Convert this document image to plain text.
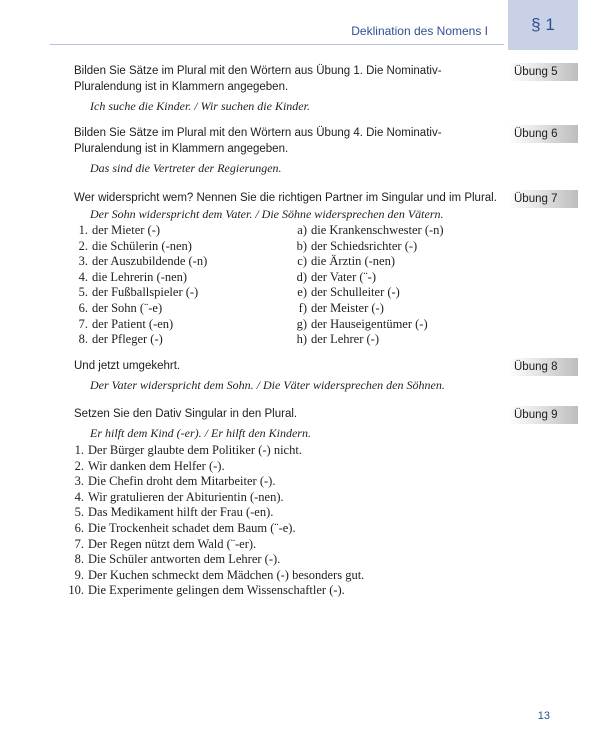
Deklination des Nomens I	§ 1
Übung 5
Bilden Sie Sätze im Plural mit den Wörtern aus Übung 1. Die Nominativ-Pluralendung ist in Klammern angegeben.
Ich suche die Kinder. / Wir suchen die Kinder.
Übung 6
Bilden Sie Sätze im Plural mit den Wörtern aus Übung 4. Die Nominativ-Pluralendung ist in Klammern angegeben.
Das sind die Vertreter der Regierungen.
Übung 7
Wer widerspricht wem? Nennen Sie die richtigen Partner im Singular und im Plural.
Der Sohn widerspricht dem Vater. / Die Söhne widersprechen den Vätern.
1. der Mieter (-)
2. die Schülerin (-nen)
3. der Auszubildende (-n)
4. die Lehrerin (-nen)
5. der Fußballspieler (-)
6. der Sohn (¨-e)
7. der Patient (-en)
8. der Pfleger (-)
a) die Krankenschwester (-n)
b) der Schiedsrichter (-)
c) die Ärztin (-nen)
d) der Vater (¨-)
e) der Schulleiter (-)
f) der Meister (-)
g) der Hauseigentümer (-)
h) der Lehrer (-)
Übung 8
Und jetzt umgekehrt.
Der Vater widerspricht dem Sohn. / Die Väter widersprechen den Söhnen.
Übung 9
Setzen Sie den Dativ Singular in den Plural.
Er hilft dem Kind (-er). / Er hilft den Kindern.
1. Der Bürger glaubte dem Politiker (-) nicht.
2. Wir danken dem Helfer (-).
3. Die Chefin droht dem Mitarbeiter (-).
4. Wir gratulieren der Abiturientin (-nen).
5. Das Medikament hilft der Frau (-en).
6. Die Trockenheit schadet dem Baum (¨-e).
7. Der Regen nützt dem Wald (¨-er).
8. Die Schüler antworten dem Lehrer (-).
9. Der Kuchen schmeckt dem Mädchen (-) besonders gut.
10. Die Experimente gelingen dem Wissenschaftler (-).
13
